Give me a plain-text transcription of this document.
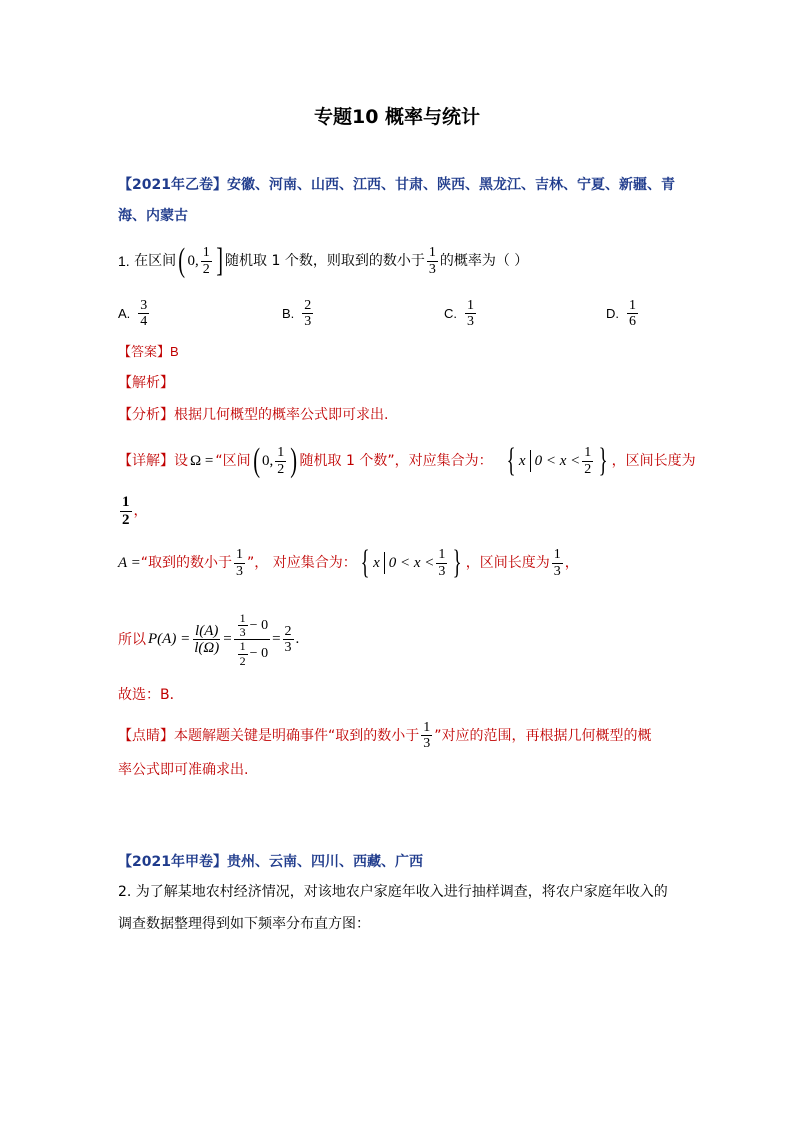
专题10 概率与统计
【2021年乙卷】安徽、河南、山西、江西、甘肃、陕西、黑龙江、吉林、宁夏、新疆、青
海、内蒙古
1.
在区间 ( 0, $\frac{1}{2}$ ] 随机取 1 个数，则取到的数小于 $\frac{1}{3}$ 的概率为（ ）
A. $\frac{3}{4}$	B. $\frac{2}{3}$	C. $\frac{1}{3}$	D. $\frac{1}{6}$
【答案】B
【解析】
【分析】根据几何概型的概率公式即可求出.
【详解】 设 Ω = “区间 ( 0, $\frac{1}{2}$ ) 随机取 1 个数”，对应集合为： { x $0 < x < \frac{1}{2}$ } ，区间长度为
$\frac{1}{2}$ ，
A = “取到的数小于 $\frac{1}{3}$ ”， 对应集合为： { x $0 < x < \frac{1}{3}$ } ，区间长度为 $\frac{1}{3}$ ，
所以 $P(A) = \frac{l(A)}{l(\Omega)} = \frac{\frac{1}{3} - 0}{\frac{1}{2} - 0} = \frac{2}{3}$ .
故选：B．
【点睛】 本题解题关键是明确事件“取到的数小于 $\frac{1}{3}$ ”对应的范围，再根据几何概型的概
率公式即可准确求出.
【2021年甲卷】贵州、云南、四川、西藏、广西
2. 为了解某地农村经济情况，对该地农户家庭年收入进行抽样调查，将农户家庭年收入的
调查数据整理得到如下频率分布直方图：
